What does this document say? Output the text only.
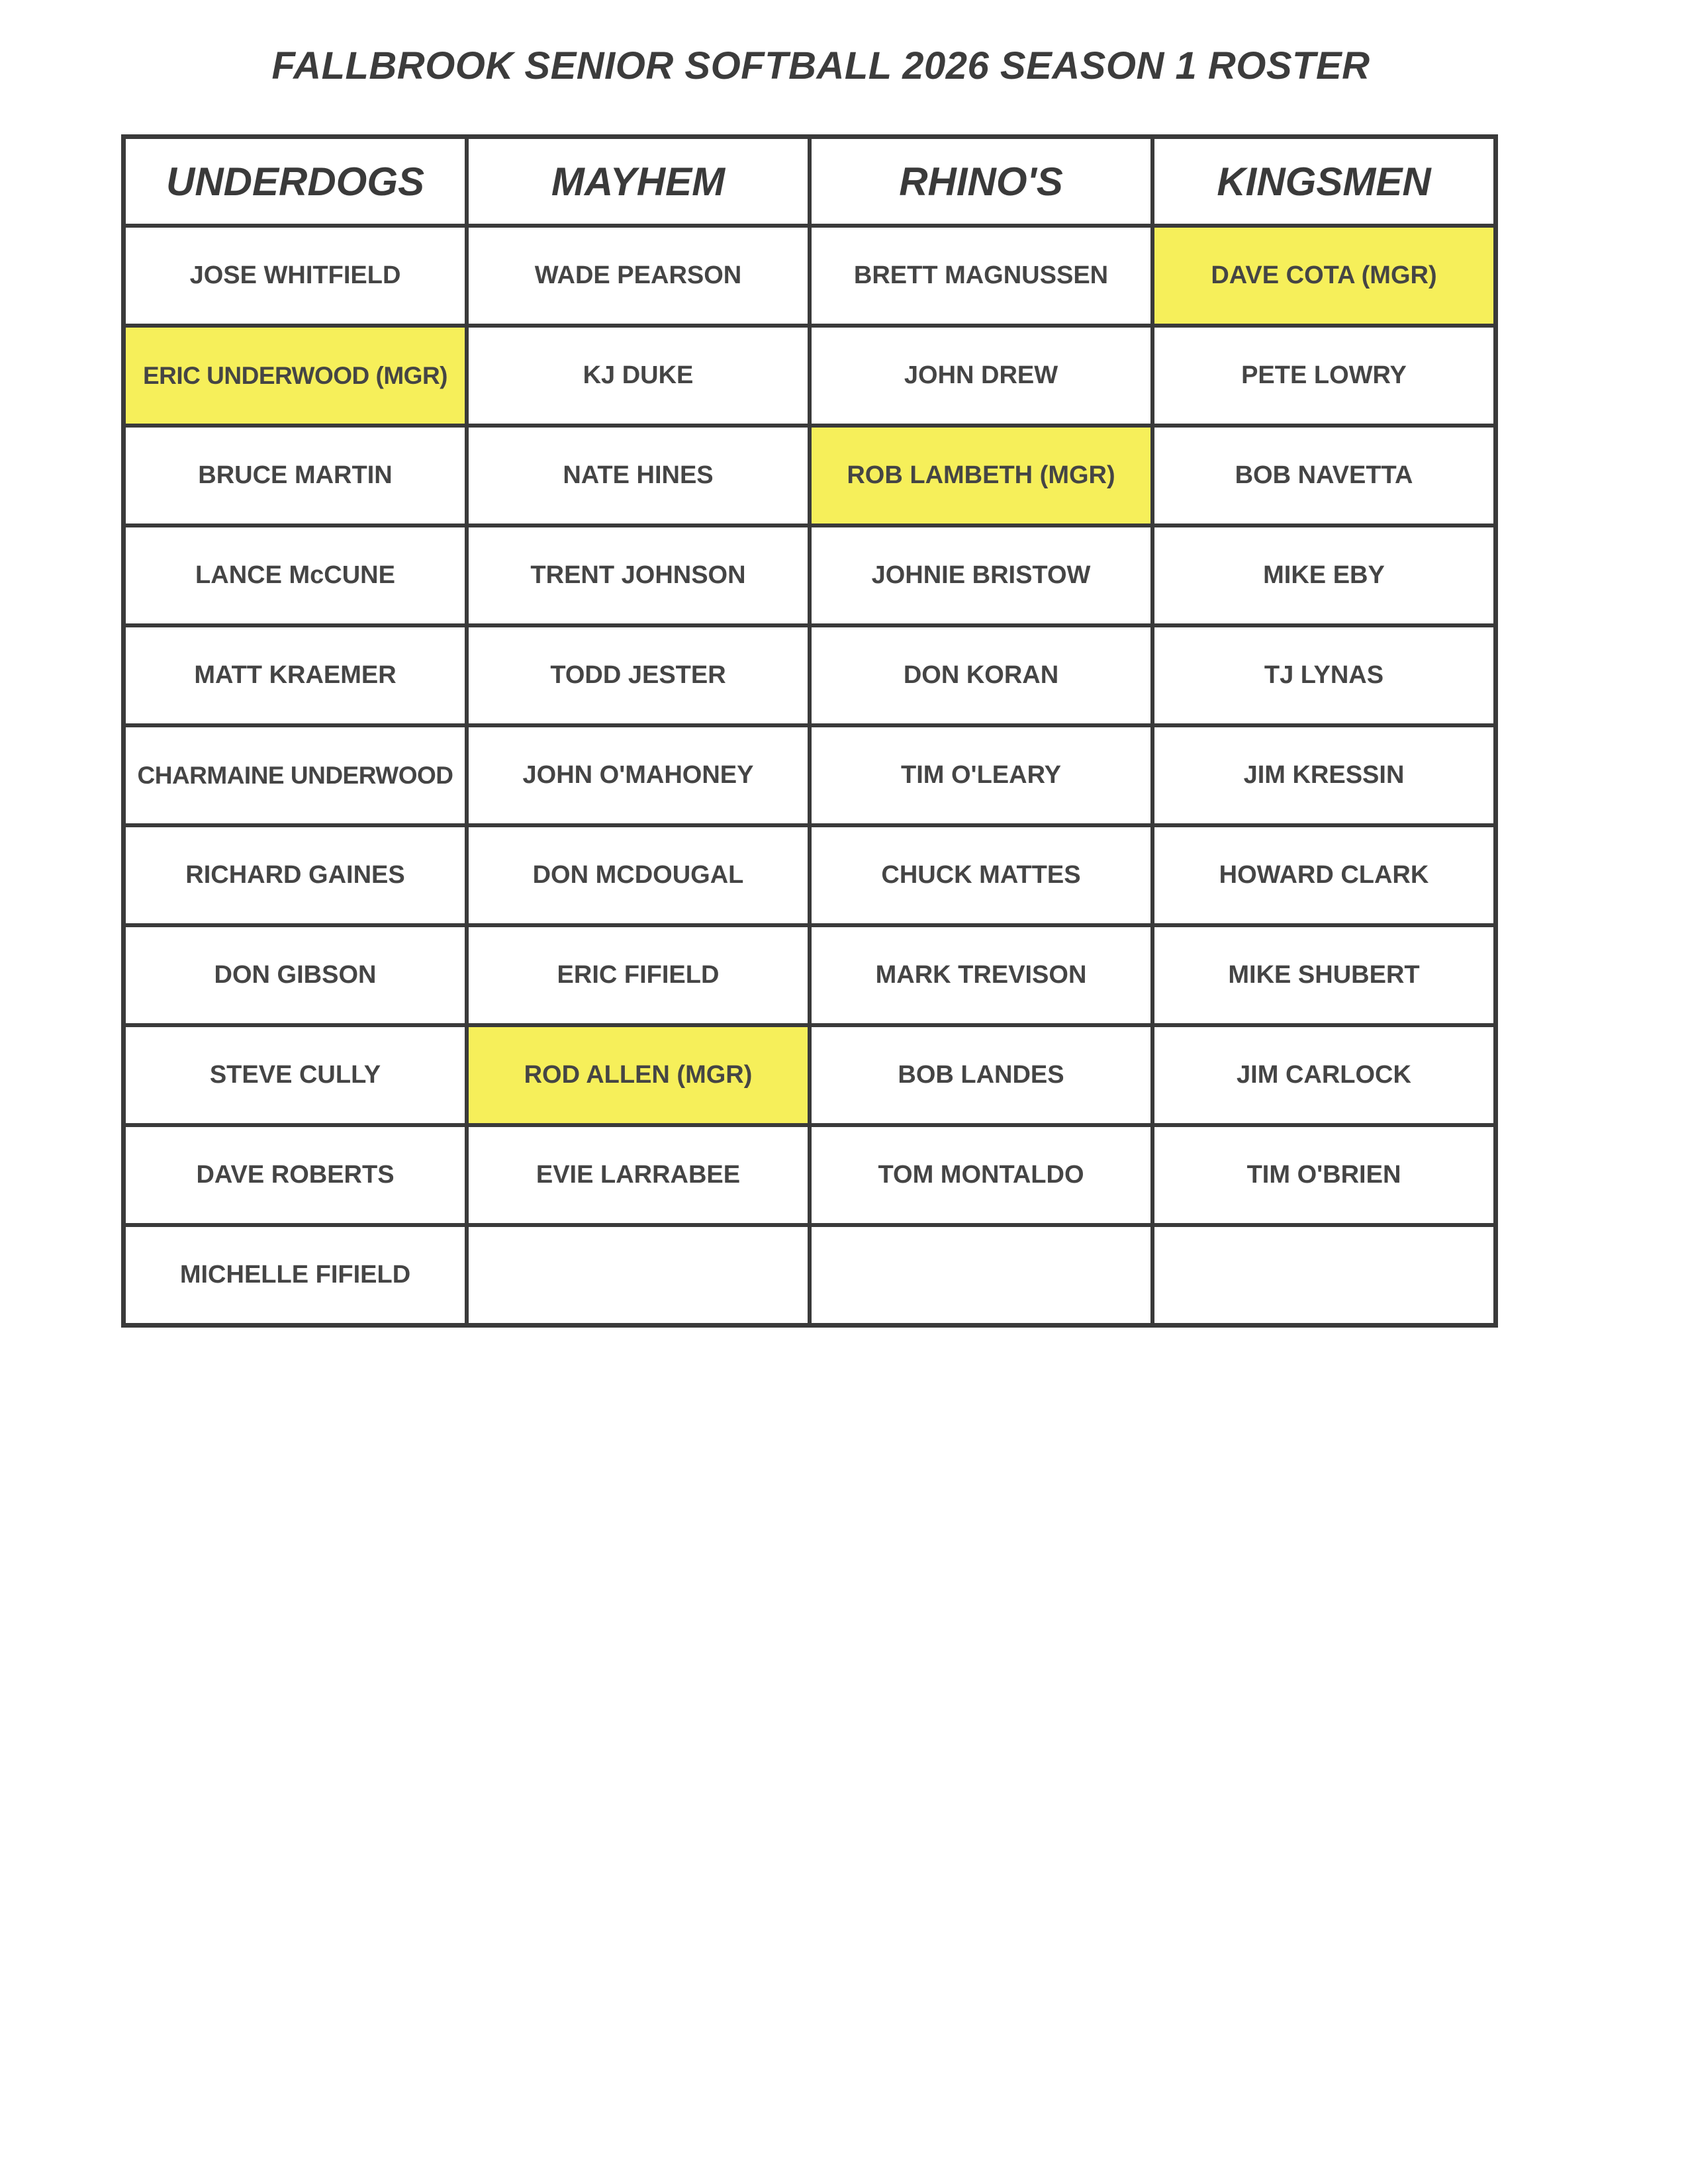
FALLBROOK SENIOR SOFTBALL 2026 SEASON 1 ROSTER
UNDERDOGS	MAYHEM	RHINO'S	KINGSMEN
JOSE WHITFIELD	WADE PEARSON	BRETT MAGNUSSEN	DAVE COTA (MGR)
ERIC UNDERWOOD (MGR)	KJ DUKE	JOHN DREW	PETE LOWRY
BRUCE MARTIN	NATE HINES	ROB LAMBETH (MGR)	BOB NAVETTA
LANCE McCUNE	TRENT JOHNSON	JOHNIE BRISTOW	MIKE EBY
MATT KRAEMER	TODD JESTER	DON KORAN	TJ LYNAS
CHARMAINE UNDERWOOD	JOHN O'MAHONEY	TIM O'LEARY	JIM KRESSIN
RICHARD GAINES	DON MCDOUGAL	CHUCK MATTES	HOWARD CLARK
DON GIBSON	ERIC FIFIELD	MARK TREVISON	MIKE SHUBERT
STEVE CULLY	ROD ALLEN (MGR)	BOB LANDES	JIM CARLOCK
DAVE ROBERTS	EVIE LARRABEE	TOM MONTALDO	TIM O'BRIEN
MICHELLE FIFIELD			
